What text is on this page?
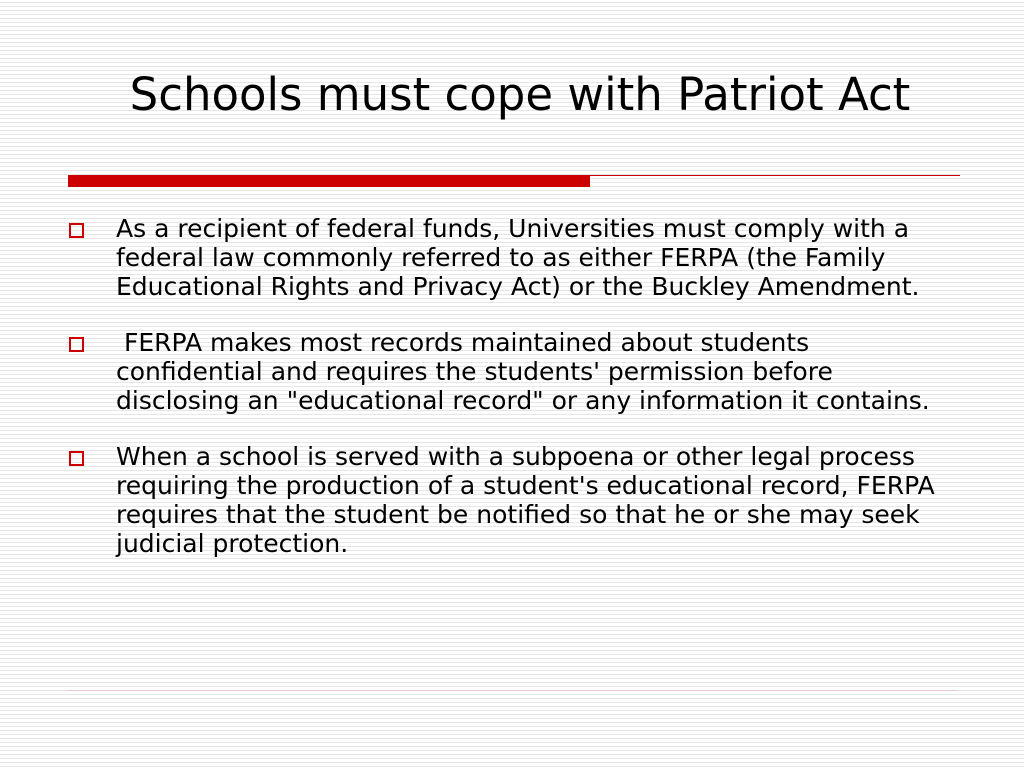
Schools must cope with Patriot Act
As a recipient of federal funds, Universities must comply with a federal law commonly referred to as either FERPA (the Family Educational Rights and Privacy Act) or the Buckley Amendment.
FERPA makes most records maintained about students confidential and requires the students' permission before disclosing an "educational record" or any information it contains.
When a school is served with a subpoena or other legal process requiring the production of a student's educational record, FERPA requires that the student be notified so that he or she may seek judicial protection.
